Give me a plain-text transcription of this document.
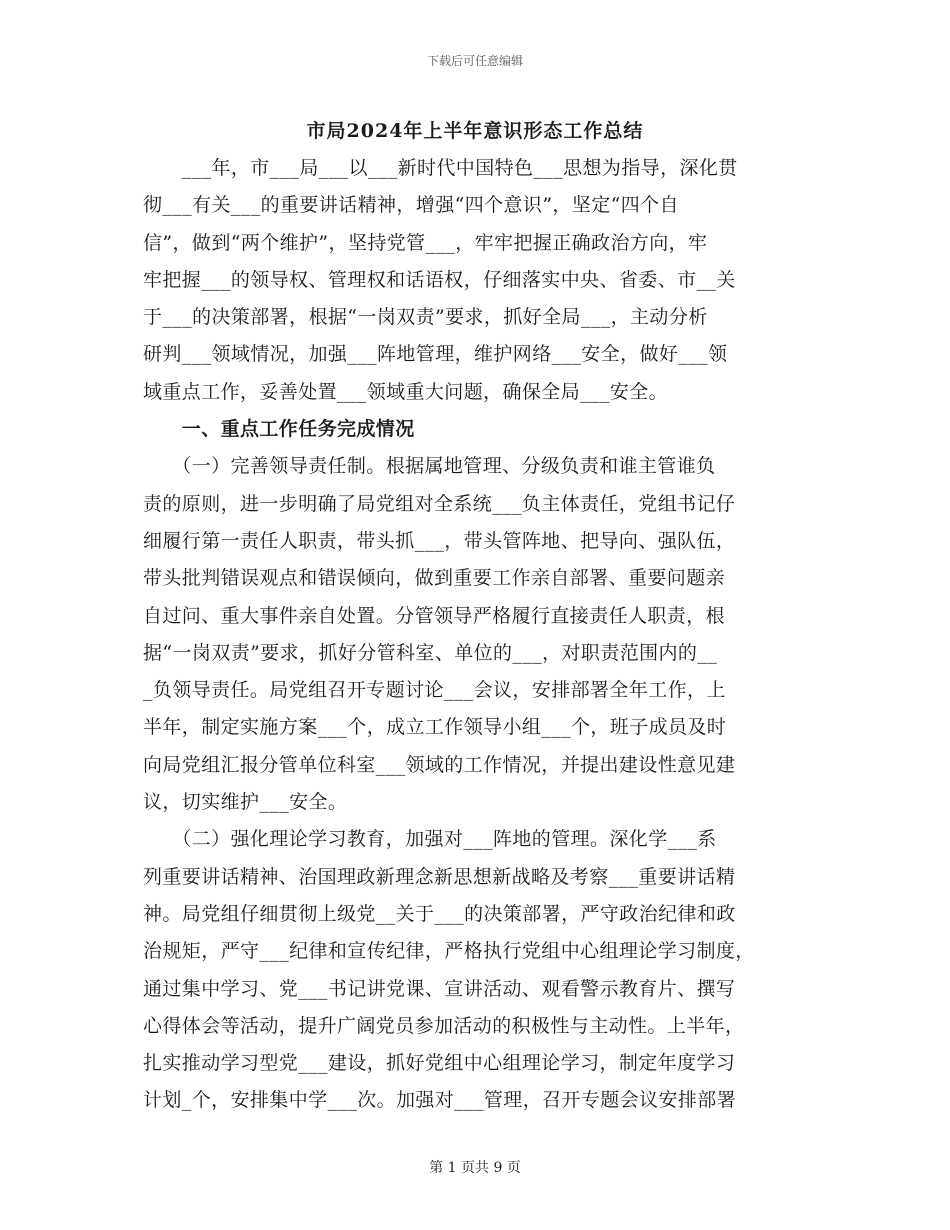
下载后可任意编辑
市局2024年上半年意识形态工作总结
　　___年，市___局___以___新时代中国特色___思想为指导，深化贯
彻___有关___的重要讲话精神，增强“四个意识”，坚定“四个自
信”，做到“两个维护”，坚持党管___，牢牢把握正确政治方向，牢
牢把握___的领导权、管理权和话语权，仔细落实中央、省委、市__关
于___的决策部署，根据“一岗双责”要求，抓好全局___，主动分析
研判___领域情况，加强___阵地管理，维护网络___安全，做好___领
域重点工作，妥善处置___领域重大问题，确保全局___安全。
　　一、重点工作任务完成情况
　　（一）完善领导责任制。根据属地管理、分级负责和谁主管谁负
责的原则，进一步明确了局党组对全系统___负主体责任，党组书记仔
细履行第一责任人职责，带头抓___，带头管阵地、把导向、强队伍，
带头批判错误观点和错误倾向，做到重要工作亲自部署、重要问题亲
自过问、重大事件亲自处置。分管领导严格履行直接责任人职责，根
据“一岗双责”要求，抓好分管科室、单位的___，对职责范围内的__
_负领导责任。局党组召开专题讨论___会议，安排部署全年工作，上
半年，制定实施方案___个，成立工作领导小组___个，班子成员及时
向局党组汇报分管单位科室___领域的工作情况，并提出建设性意见建
议，切实维护___安全。
　　（二）强化理论学习教育，加强对___阵地的管理。深化学___系
列重要讲话精神、治国理政新理念新思想新战略及考察___重要讲话精
神。局党组仔细贯彻上级党__关于___的决策部署，严守政治纪律和政
治规矩，严守___纪律和宣传纪律，严格执行党组中心组理论学习制度，
通过集中学习、党___书记讲党课、宣讲活动、观看警示教育片、撰写
心得体会等活动，提升广阔党员参加活动的积极性与主动性。上半年，
扎实推动学习型党___建设，抓好党组中心组理论学习，制定年度学习
计划_个，安排集中学___次。加强对___管理，召开专题会议安排部署
第 1 页共 9 页
